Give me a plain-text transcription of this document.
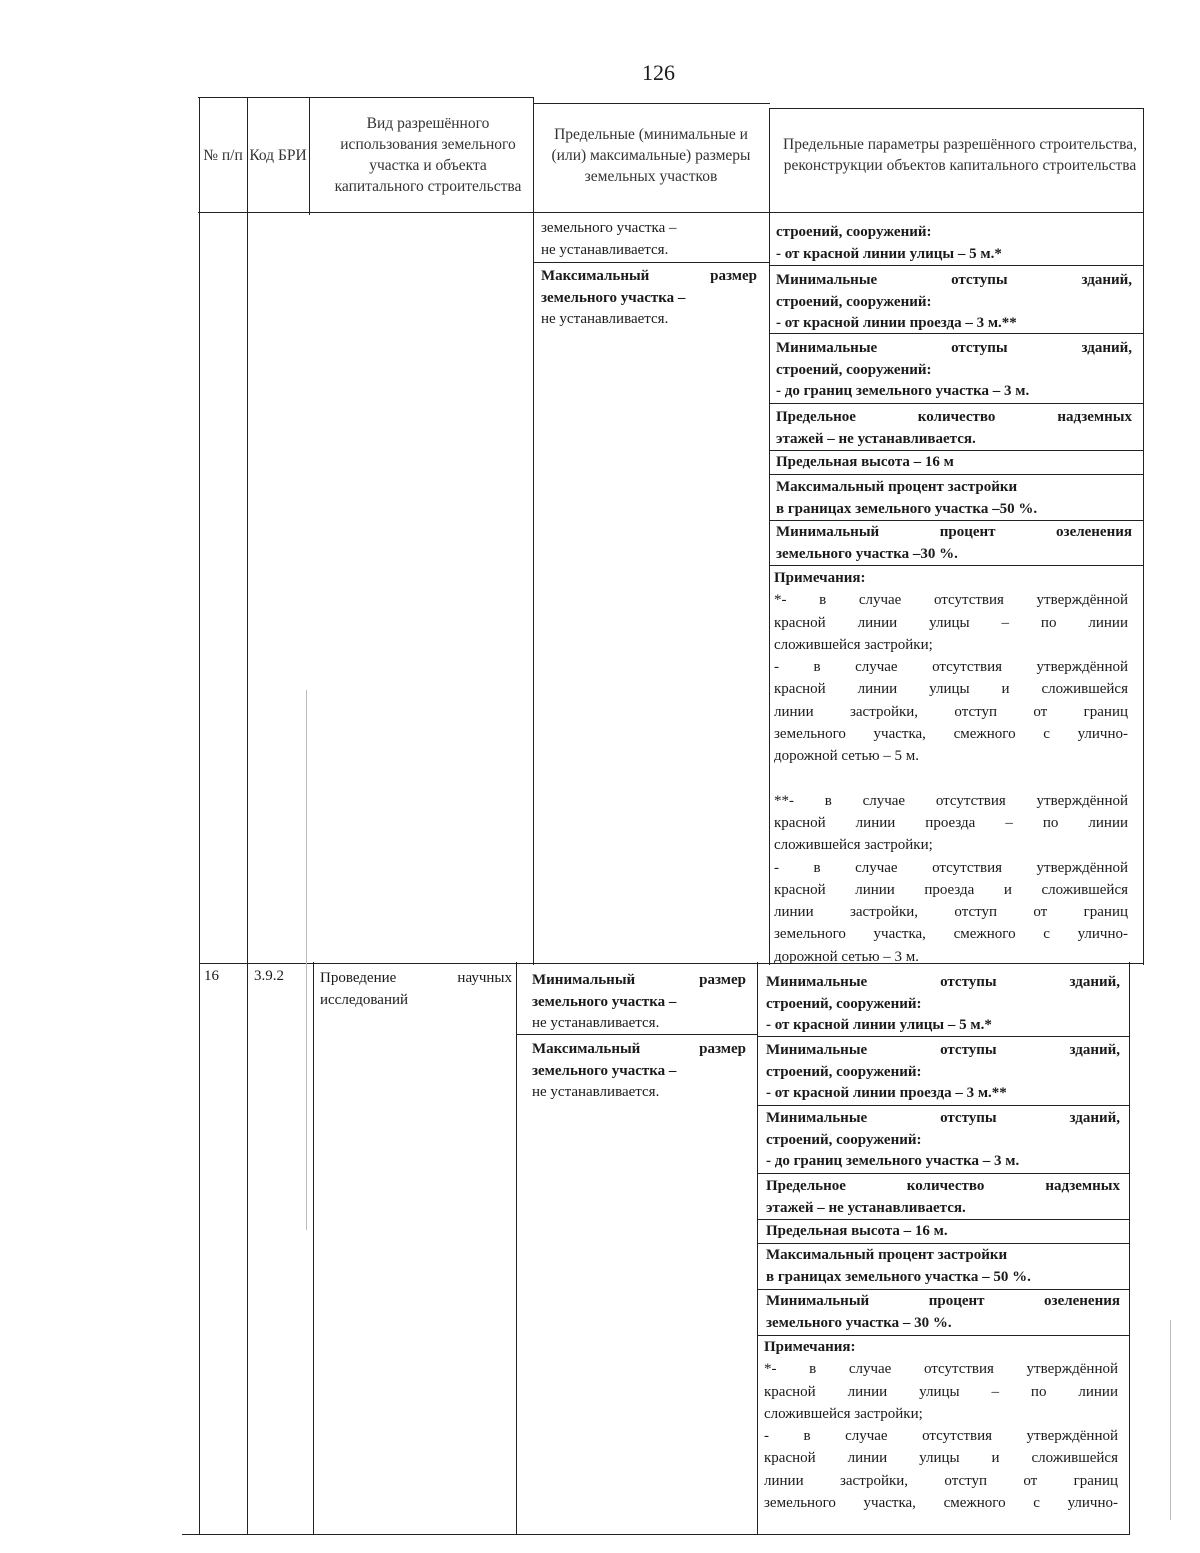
126
№ п/п Код БРИ
Вид разрешённого использования земельного участка и объекта капитального строительства
Предельные (минимальные и (или) максимальные) размеры земельных участков
Предельные параметры разрешённого строительства, реконструкции объектов капитального строительства
земельного участка –
не устанавливается.
Максимальный размер
земельного участка –
не устанавливается.
строений, сооружений:
- от красной линии улицы – 5 м.*
Минимальные отступы зданий,
строений, сооружений:
- от красной линии проезда – 3 м.**
Минимальные отступы зданий,
строений, сооружений:
- до границ земельного участка – 3 м.
Предельное количество надземных
этажей – не устанавливается.
Предельная высота – 16 м
Максимальный процент застройки
в границах земельного участка –50 %.
Минимальный процент озеленения
земельного участка –30 %.
Примечания:
*- в случае отсутствия утверждённой
красной линии улицы – по линии
сложившейся застройки;
- в случае отсутствия утверждённой
красной линии улицы и сложившейся
линии застройки, отступ от границ
земельного участка, смежного с улично-
дорожной сетью – 5 м.
**- в случае отсутствия утверждённой
красной линии проезда – по линии
сложившейся застройки;
- в случае отсутствия утверждённой
красной линии проезда и сложившейся
линии застройки, отступ от границ
земельного участка, смежного с улично-
дорожной сетью – 3 м.
16 3.9.2 Проведение научных
исследований
Минимальный размер
земельного участка –
не устанавливается.
Максимальный размер
земельного участка –
не устанавливается.
Минимальные отступы зданий,
строений, сооружений:
- от красной линии улицы – 5 м.*
Минимальные отступы зданий,
строений, сооружений:
- от красной линии проезда – 3 м.**
Минимальные отступы зданий,
строений, сооружений:
- до границ земельного участка – 3 м.
Предельное количество надземных
этажей – не устанавливается.
Предельная высота – 16 м.
Максимальный процент застройки
в границах земельного участка – 50 %.
Минимальный процент озеленения
земельного участка – 30 %.
Примечания:
*- в случае отсутствия утверждённой
красной линии улицы – по линии
сложившейся застройки;
- в случае отсутствия утверждённой
красной линии улицы и сложившейся
линии застройки, отступ от границ
земельного участка, смежного с улично-
